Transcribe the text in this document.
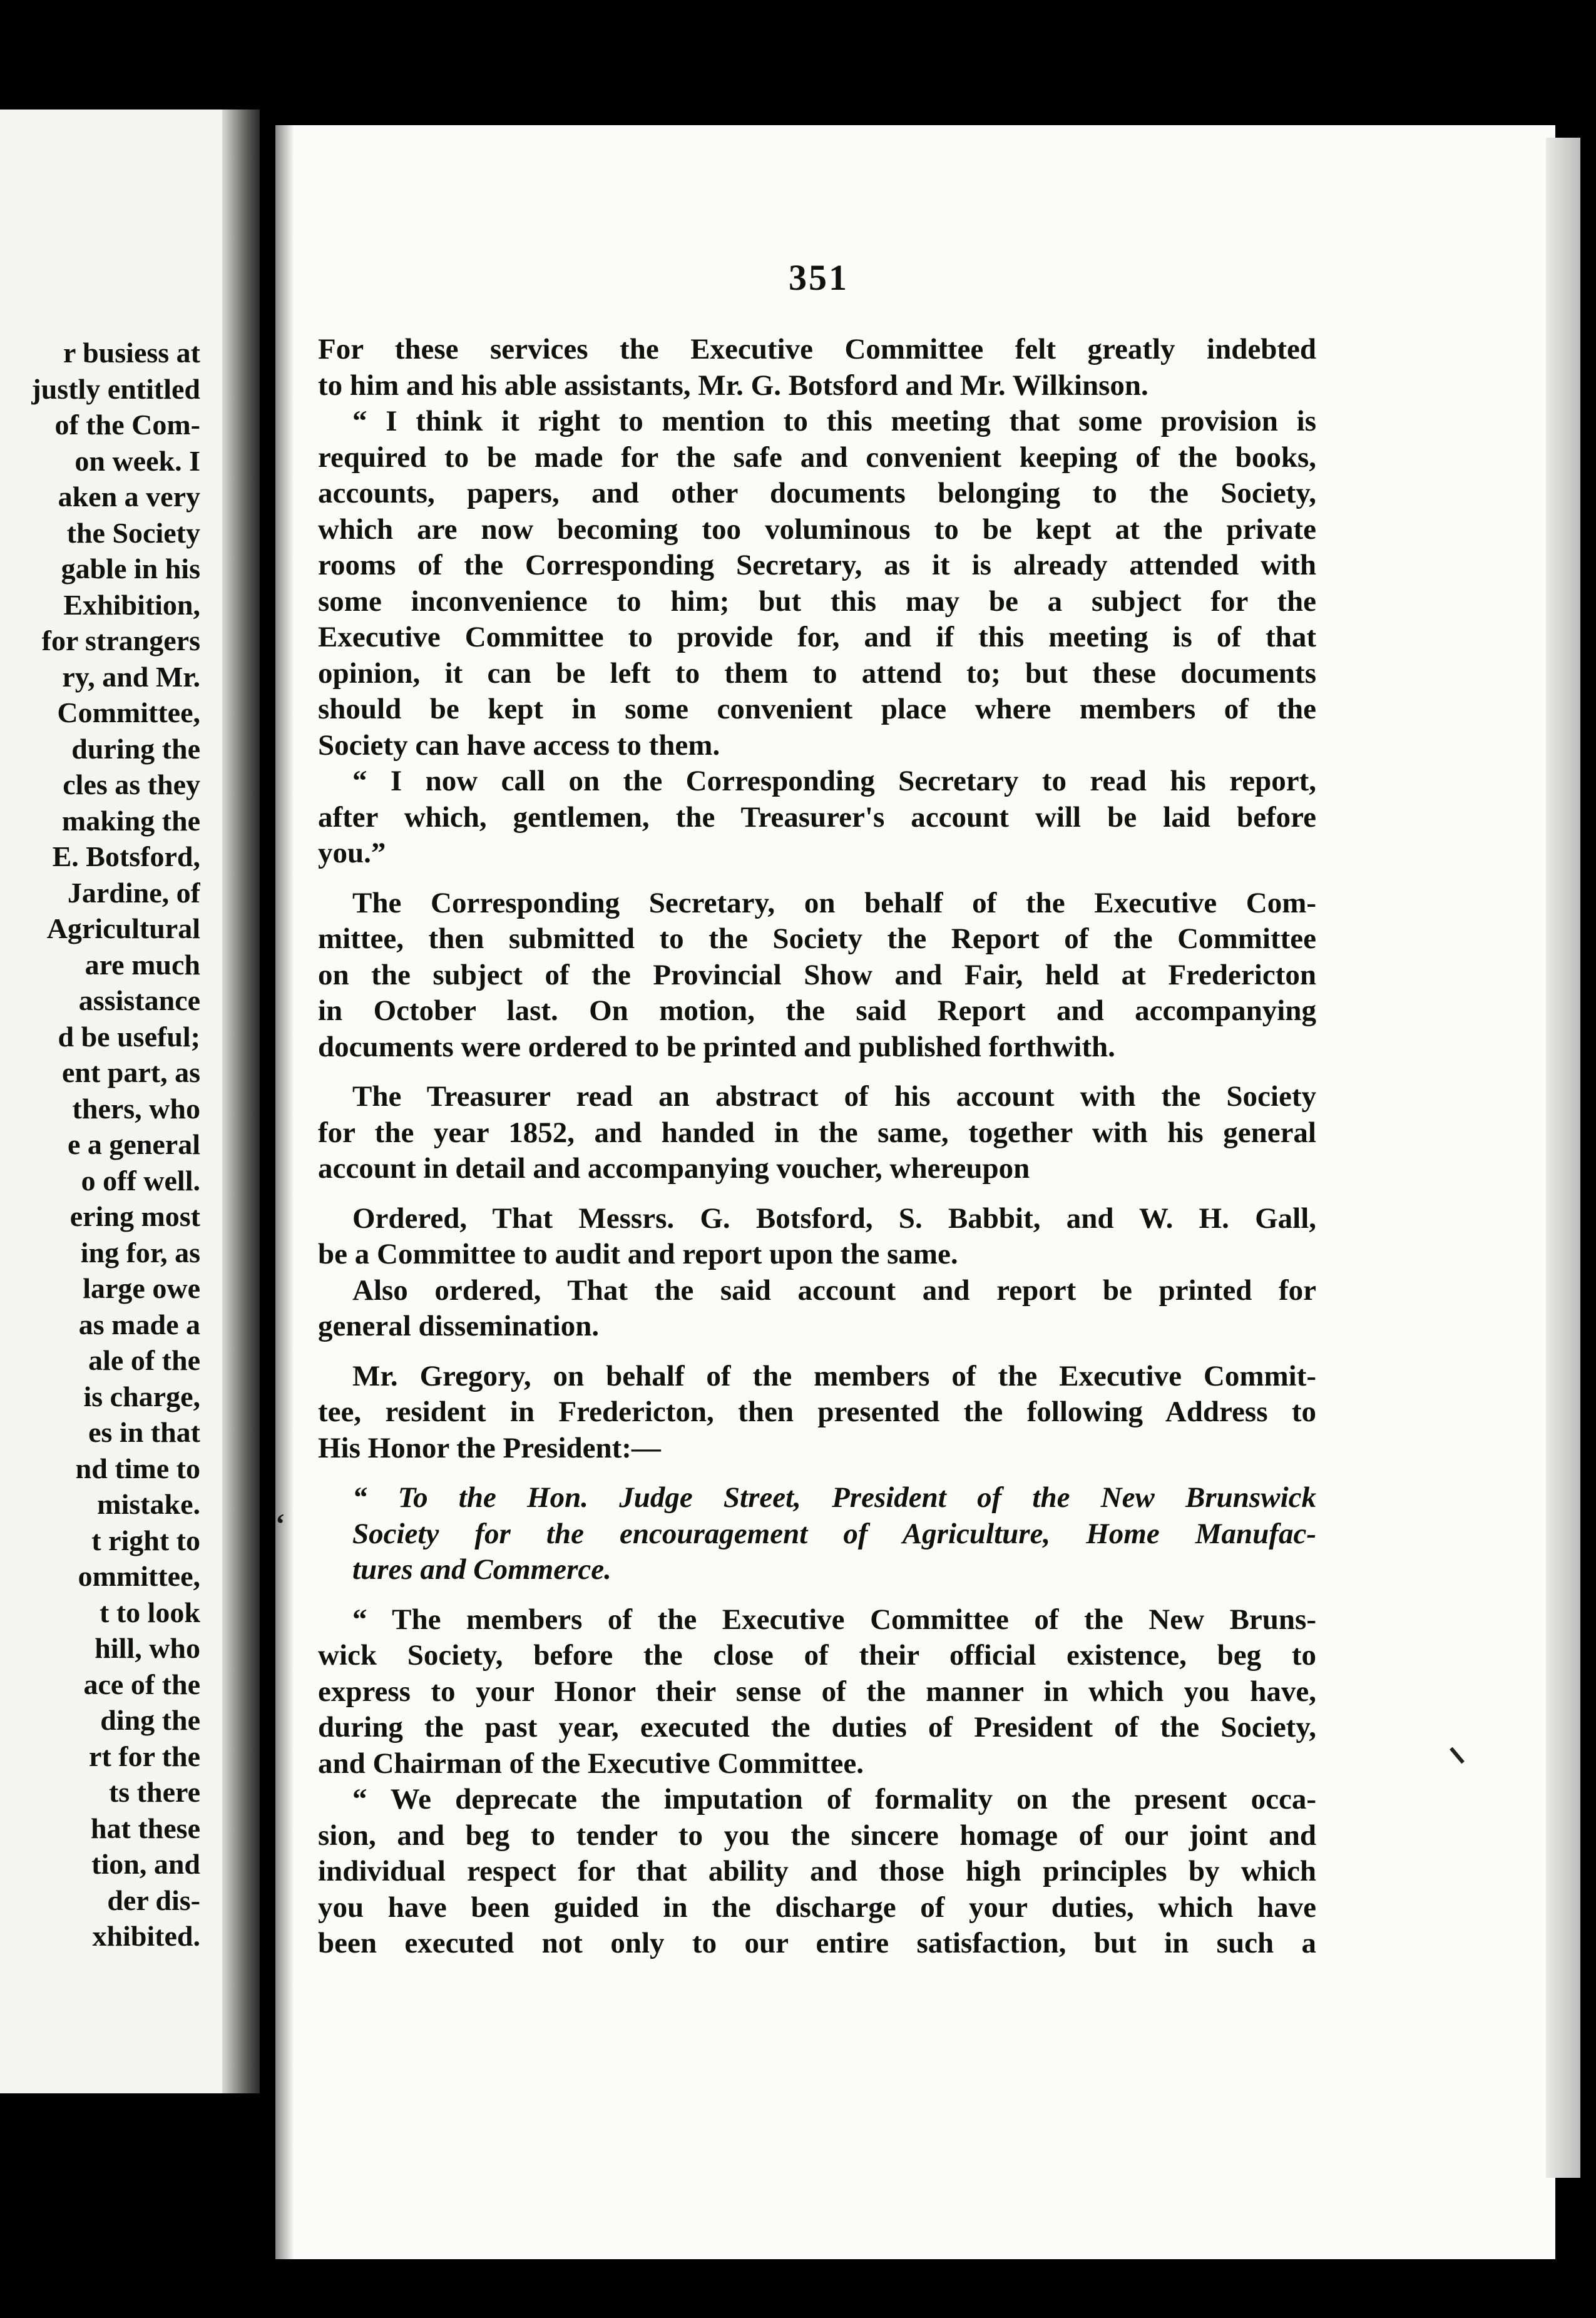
r busiess at
justly entitled
of the Com-
on week. I
aken a very
the Society
gable in his
Exhibition,
for strangers
ry, and Mr.
Committee,
during the
cles as they
making the
E. Botsford,
Jardine, of
Agricultural
are much
assistance
d be useful;
ent part, as
thers, who
e a general
o off well.
ering most
ing for, as
large owe
as made a
ale of the
is charge,
es in that
nd time to
mistake.
t right to
ommittee,
t to look
hill, who
ace of the
ding the
rt for the
ts there
hat these
tion, and
der dis-
xhibited.
351
‘
For these services the Executive Committee felt greatly indebted
to him and his able assistants, Mr. G. Botsford and Mr. Wilkinson.
“ I think it right to mention to this meeting that some provision is
required to be made for the safe and convenient keeping of the books,
accounts, papers, and other documents belonging to the Society,
which are now becoming too voluminous to be kept at the private
rooms of the Corresponding Secretary, as it is already attended with
some inconvenience to him; but this may be a subject for the
Executive Committee to provide for, and if this meeting is of that
opinion, it can be left to them to attend to; but these documents
should be kept in some convenient place where members of the
Society can have access to them.
“ I now call on the Corresponding Secretary to read his report,
after which, gentlemen, the Treasurer's account will be laid before
you.”
The Corresponding Secretary, on behalf of the Executive Com-
mittee, then submitted to the Society the Report of the Committee
on the subject of the Provincial Show and Fair, held at Fredericton
in October last. On motion, the said Report and accompanying
documents were ordered to be printed and published forthwith.
The Treasurer read an abstract of his account with the Society
for the year 1852, and handed in the same, together with his general
account in detail and accompanying voucher, whereupon
Ordered, That Messrs. G. Botsford, S. Babbit, and W. H. Gall,
be a Committee to audit and report upon the same.
Also ordered, That the said account and report be printed for
general dissemination.
Mr. Gregory, on behalf of the members of the Executive Commit-
tee, resident in Fredericton, then presented the following Address to
His Honor the President:—
“ To the Hon. Judge Street, President of the New Brunswick
Society for the encouragement of Agriculture, Home Manufac-
tures and Commerce.
“ The members of the Executive Committee of the New Bruns-
wick Society, before the close of their official existence, beg to
express to your Honor their sense of the manner in which you have,
during the past year, executed the duties of President of the Society,
and Chairman of the Executive Committee.
“ We deprecate the imputation of formality on the present occa-
sion, and beg to tender to you the sincere homage of our joint and
individual respect for that ability and those high principles by which
you have been guided in the discharge of your duties, which have
been executed not only to our entire satisfaction, but in such a
